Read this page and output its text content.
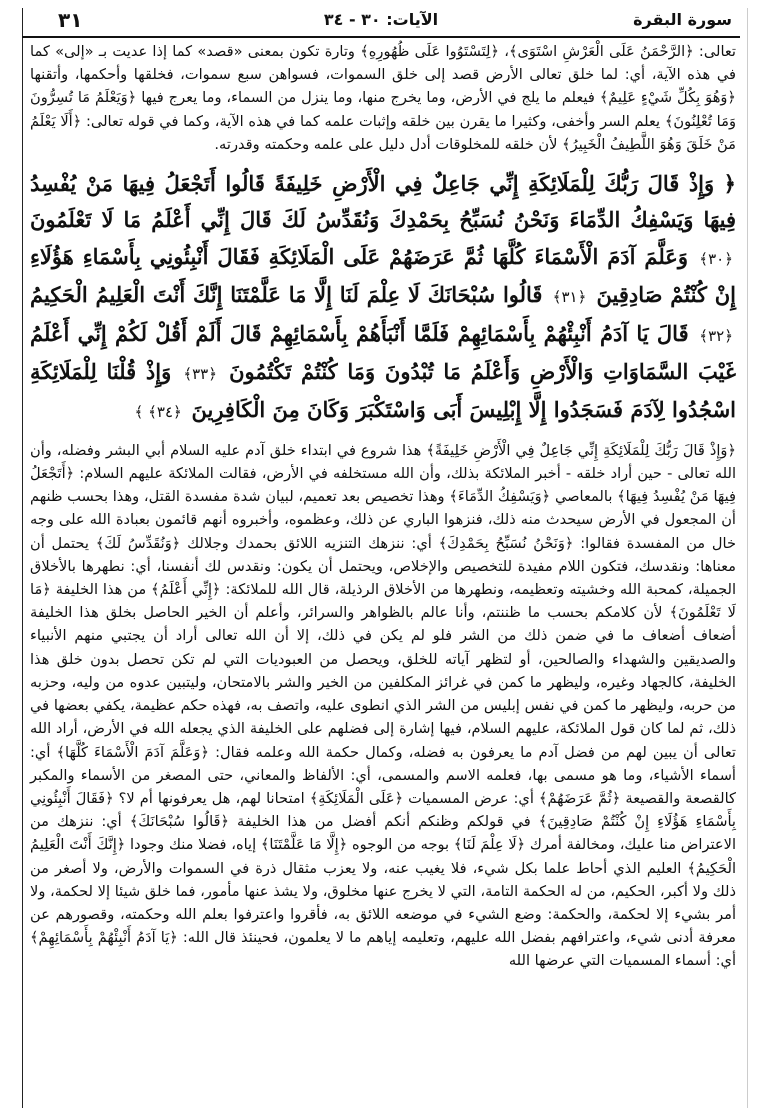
سورة البقرة
الآيات: ٣٠ - ٣٤
٣١

تعالى: ﴿الرَّحْمَنُ عَلَى الْعَرْشِ اسْتَوَى﴾، ﴿لِتَسْتَوُوا عَلَى ظُهُورِهِ﴾ وتارة تكون بمعنى «قصد» كما إذا عديت بـ «إلى» كما في هذه الآية، أي: لما خلق تعالى الأرض قصد إلى خلق السموات، فسواهن سبع سموات، فخلقها وأحكمها، وأتقنها ﴿وَهُوَ بِكُلِّ شَيْءٍ عَلِيمٌ﴾ فيعلم ما يلج في الأرض، وما يخرج منها، وما ينزل من السماء، وما يعرج فيها ﴿وَيَعْلَمُ مَا تُسِرُّونَ وَمَا تُعْلِنُونَ﴾ يعلم السر وأخفى، وكثيرا ما يقرن بين خلقه وإثبات علمه كما في هذه الآية، وكما في قوله تعالى: ﴿أَلَا يَعْلَمُ مَنْ خَلَقَ وَهُوَ اللَّطِيفُ الْخَبِيرُ﴾ لأن خلقه للمخلوقات أدل دليل على علمه وحكمته وقدرته.

﴿ وَإِذْ قَالَ رَبُّكَ لِلْمَلَائِكَةِ إِنِّي جَاعِلٌ فِي الْأَرْضِ خَلِيفَةً قَالُوا أَتَجْعَلُ فِيهَا مَنْ يُفْسِدُ فِيهَا وَيَسْفِكُ الدِّمَاءَ وَنَحْنُ نُسَبِّحُ بِحَمْدِكَ وَنُقَدِّسُ لَكَ قَالَ إِنِّي أَعْلَمُ مَا لَا تَعْلَمُونَ ﴿٣٠﴾ وَعَلَّمَ آدَمَ الْأَسْمَاءَ كُلَّهَا ثُمَّ عَرَضَهُمْ عَلَى الْمَلَائِكَةِ فَقَالَ أَنْبِئُونِي بِأَسْمَاءِ هَؤُلَاءِ إِنْ كُنْتُمْ صَادِقِينَ ﴿٣١﴾ قَالُوا سُبْحَانَكَ لَا عِلْمَ لَنَا إِلَّا مَا عَلَّمْتَنَا إِنَّكَ أَنْتَ الْعَلِيمُ الْحَكِيمُ ﴿٣٢﴾ قَالَ يَا آدَمُ أَنْبِئْهُمْ بِأَسْمَائِهِمْ فَلَمَّا أَنْبَأَهُمْ بِأَسْمَائِهِمْ قَالَ أَلَمْ أَقُلْ لَكُمْ إِنِّي أَعْلَمُ غَيْبَ السَّمَاوَاتِ وَالْأَرْضِ وَأَعْلَمُ مَا تُبْدُونَ وَمَا كُنْتُمْ تَكْتُمُونَ ﴿٣٣﴾ وَإِذْ قُلْنَا لِلْمَلَائِكَةِ اسْجُدُوا لِآدَمَ فَسَجَدُوا إِلَّا إِبْلِيسَ أَبَى وَاسْتَكْبَرَ وَكَانَ مِنَ الْكَافِرِينَ ﴿٣٤﴾ ﴾

﴿وَإِذْ قَالَ رَبُّكَ لِلْمَلَائِكَةِ إِنِّي جَاعِلٌ فِي الْأَرْضِ خَلِيفَةً﴾ هذا شروع في ابتداء خلق آدم عليه السلام أبي البشر وفضله، وأن الله تعالى - حين أراد خلقه - أخبر الملائكة بذلك، وأن الله مستخلفه في الأرض، فقالت الملائكة عليهم السلام: ﴿أَتَجْعَلُ فِيهَا مَنْ يُفْسِدُ فِيهَا﴾ بالمعاصي ﴿وَيَسْفِكُ الدِّمَاءَ﴾ وهذا تخصيص بعد تعميم، لبيان شدة مفسدة القتل، وهذا بحسب ظنهم أن المجعول في الأرض سيحدث منه ذلك، فنزهوا الباري عن ذلك، وعظموه، وأخبروه أنهم قائمون بعبادة الله على وجه خال من المفسدة فقالوا: ﴿وَنَحْنُ نُسَبِّحُ بِحَمْدِكَ﴾ أي: ننزهك التنزيه اللائق بحمدك وجلالك ﴿وَنُقَدِّسُ لَكَ﴾ يحتمل أن معناها: ونقدسك، فتكون اللام مفيدة للتخصيص والإخلاص، ويحتمل أن يكون: ونقدس لك أنفسنا، أي: نطهرها بالأخلاق الجميلة، كمحبة الله وخشيته وتعظيمه، ونطهرها من الأخلاق الرذيلة، قال الله للملائكة: ﴿إِنِّي أَعْلَمُ﴾ من هذا الخليفة ﴿مَا لَا تَعْلَمُونَ﴾ لأن كلامكم بحسب ما ظننتم، وأنا عالم بالظواهر والسرائر، وأعلم أن الخير الحاصل بخلق هذا الخليفة أضعاف أضعاف ما في ضمن ذلك من الشر فلو لم يكن في ذلك، إلا أن الله تعالى أراد أن يجتبي منهم الأنبياء والصديقين والشهداء والصالحين، أو لتظهر آياته للخلق، ويحصل من العبوديات التي لم تكن تحصل بدون خلق هذا الخليفة، كالجهاد وغيره، وليظهر ما كمن في غرائز المكلفين من الخير والشر بالامتحان، وليتبين عدوه من وليه، وحزبه من حربه، وليظهر ما كمن في نفس إبليس من الشر الذي انطوى عليه، واتصف به، فهذه حكم عظيمة، يكفي بعضها في ذلك، ثم لما كان قول الملائكة، عليهم السلام، فيها إشارة إلى فضلهم على الخليفة الذي يجعله الله في الأرض، أراد الله تعالى أن يبين لهم من فضل آدم ما يعرفون به فضله، وكمال حكمة الله وعلمه فقال: ﴿وَعَلَّمَ آدَمَ الْأَسْمَاءَ كُلَّهَا﴾ أي: أسماء الأشياء، وما هو مسمى بها، فعلمه الاسم والمسمى، أي: الألفاظ والمعاني، حتى المصغر من الأسماء والمكبر كالقصعة والقصيعة ﴿ثُمَّ عَرَضَهُمْ﴾ أي: عرض المسميات ﴿عَلَى الْمَلَائِكَةِ﴾ امتحانا لهم، هل يعرفونها أم لا؟ ﴿فَقَالَ أَنْبِئُونِي بِأَسْمَاءِ هَؤُلَاءِ إِنْ كُنْتُمْ صَادِقِينَ﴾ في قولكم وظنكم أنكم أفضل من هذا الخليفة ﴿قَالُوا سُبْحَانَكَ﴾ أي: ننزهك من الاعتراض منا عليك، ومخالفة أمرك ﴿لَا عِلْمَ لَنَا﴾ بوجه من الوجوه ﴿إِلَّا مَا عَلَّمْتَنَا﴾ إياه، فضلا منك وجودا ﴿إِنَّكَ أَنْتَ الْعَلِيمُ الْحَكِيمُ﴾ العليم الذي أحاط علما بكل شيء، فلا يغيب عنه، ولا يعزب مثقال ذرة في السموات والأرض، ولا أصغر من ذلك ولا أكبر، الحكيم، من له الحكمة التامة، التي لا يخرج عنها مخلوق، ولا يشذ عنها مأمور، فما خلق شيئا إلا لحكمة، ولا أمر بشيء إلا لحكمة، والحكمة: وضع الشيء في موضعه اللائق به، فأقروا واعترفوا بعلم الله وحكمته، وقصورهم عن معرفة أدنى شيء، واعترافهم بفضل الله عليهم، وتعليمه إياهم ما لا يعلمون، فحينئذ قال الله: ﴿يَا آدَمُ أَنْبِئْهُمْ بِأَسْمَائِهِمْ﴾ أي: أسماء المسميات التي عرضها الله
